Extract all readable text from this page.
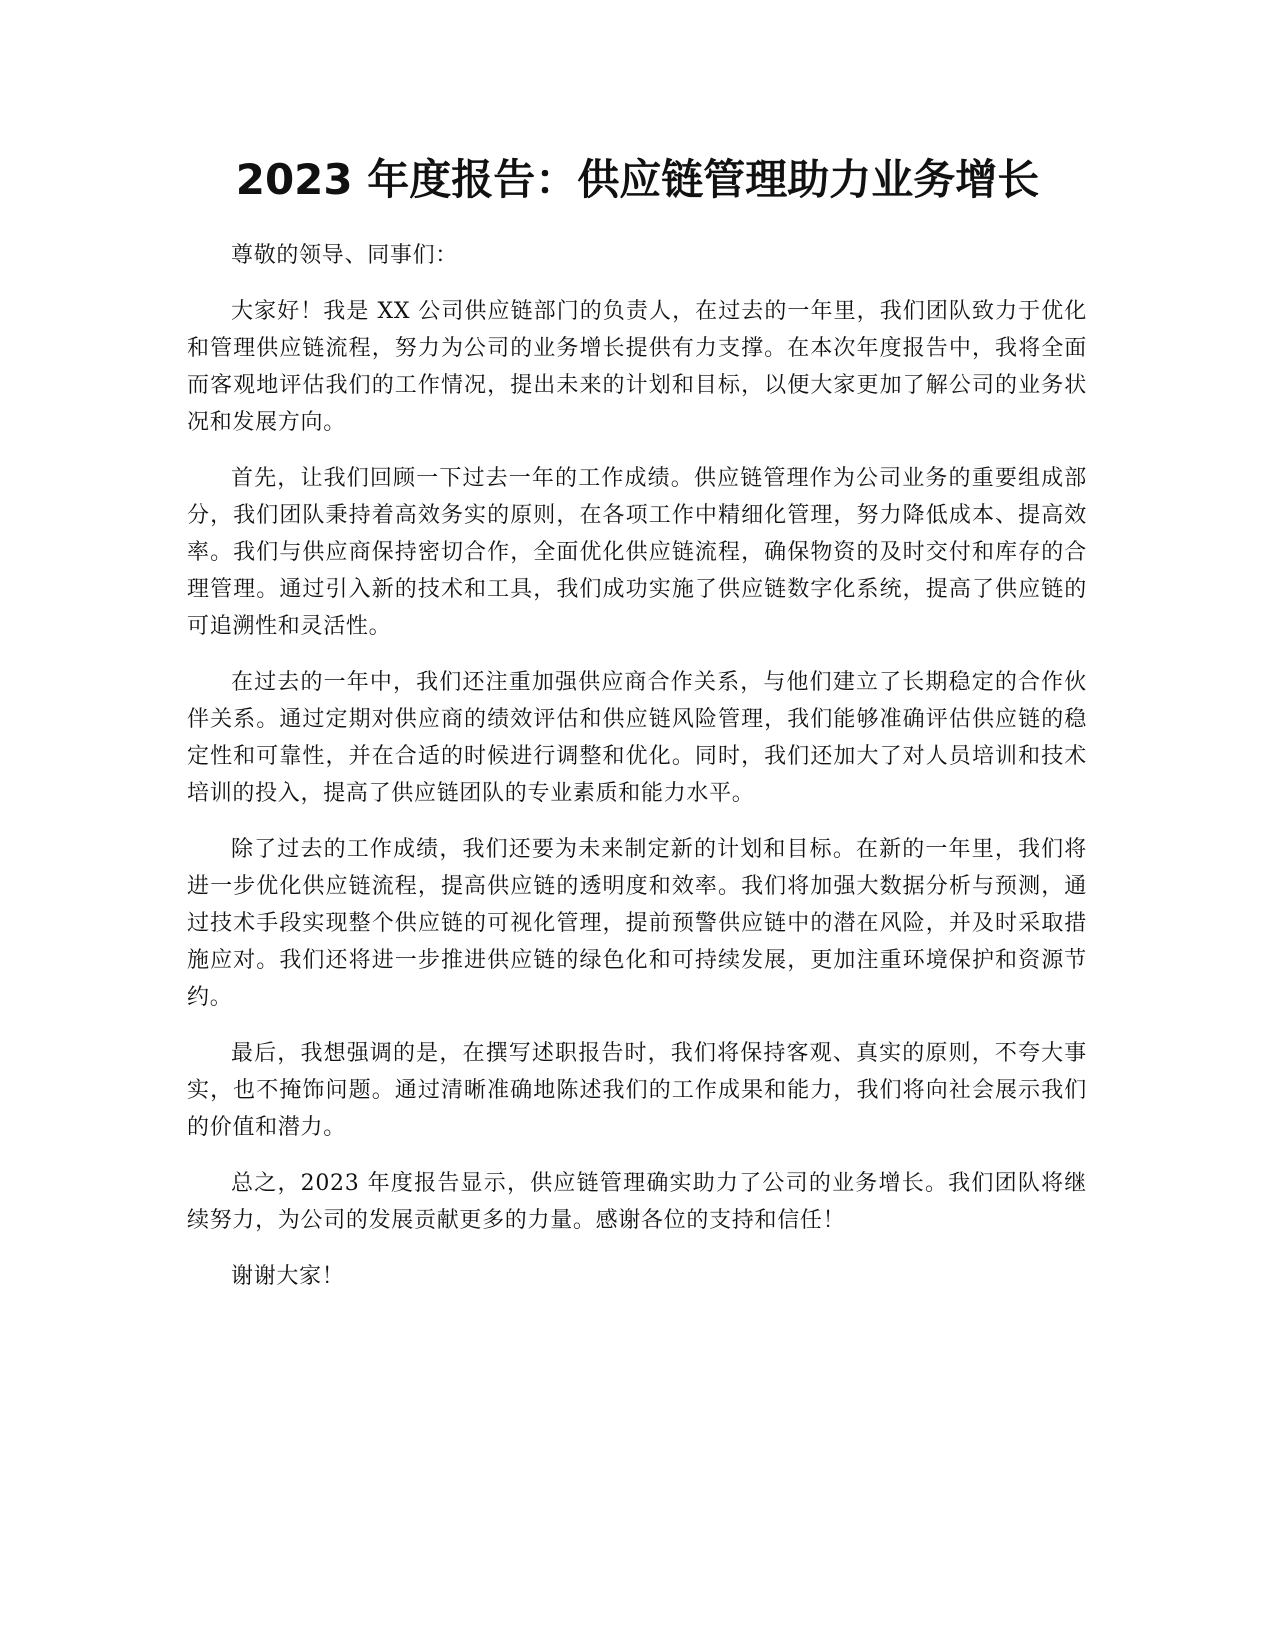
2023 年度报告：供应链管理助力业务增长

尊敬的领导、同事们：

大家好！我是 XX 公司供应链部门的负责人，在过去的一年里，我们团队致力于优化和管理供应链流程，努力为公司的业务增长提供有力支撑。在本次年度报告中，我将全面而客观地评估我们的工作情况，提出未来的计划和目标，以便大家更加了解公司的业务状况和发展方向。

首先，让我们回顾一下过去一年的工作成绩。供应链管理作为公司业务的重要组成部分，我们团队秉持着高效务实的原则，在各项工作中精细化管理，努力降低成本、提高效率。我们与供应商保持密切合作，全面优化供应链流程，确保物资的及时交付和库存的合理管理。通过引入新的技术和工具，我们成功实施了供应链数字化系统，提高了供应链的可追溯性和灵活性。

在过去的一年中，我们还注重加强供应商合作关系，与他们建立了长期稳定的合作伙伴关系。通过定期对供应商的绩效评估和供应链风险管理，我们能够准确评估供应链的稳定性和可靠性，并在合适的时候进行调整和优化。同时，我们还加大了对人员培训和技术培训的投入，提高了供应链团队的专业素质和能力水平。

除了过去的工作成绩，我们还要为未来制定新的计划和目标。在新的一年里，我们将进一步优化供应链流程，提高供应链的透明度和效率。我们将加强大数据分析与预测，通过技术手段实现整个供应链的可视化管理，提前预警供应链中的潜在风险，并及时采取措施应对。我们还将进一步推进供应链的绿色化和可持续发展，更加注重环境保护和资源节约。

最后，我想强调的是，在撰写述职报告时，我们将保持客观、真实的原则，不夸大事实，也不掩饰问题。通过清晰准确地陈述我们的工作成果和能力，我们将向社会展示我们的价值和潜力。

总之，2023 年度报告显示，供应链管理确实助力了公司的业务增长。我们团队将继续努力，为公司的发展贡献更多的力量。感谢各位的支持和信任！

谢谢大家！
